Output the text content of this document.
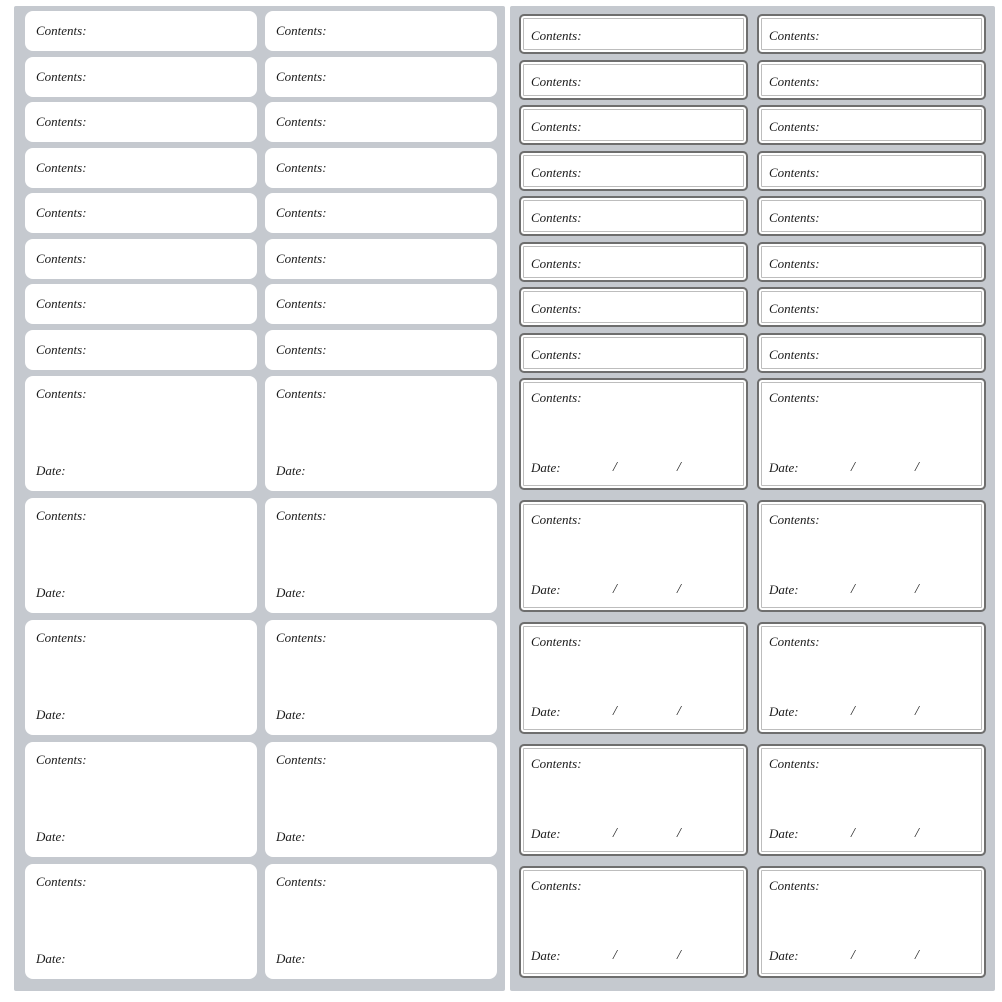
Contents:	Contents:
Contents:	Contents:
Contents:	Contents:
Contents:	Contents:
Contents:	Contents:
Contents:	Contents:
Contents:	Contents:
Contents:	Contents:
Contents:
Date:
Contents:
Date:
Contents:
Date:
Contents:
Date:
Contents:
Date:
Contents:
Date:
Contents:
Date:
Contents:
Date:
Contents:
Date:
Contents:
Date:
Contents:	Contents:
Contents:	Contents:
Contents:	Contents:
Contents:	Contents:
Contents:	Contents:
Contents:	Contents:
Contents:	Contents:
Contents:	Contents:
Contents:
Date:	/	/
Contents:
Date:	/	/
Contents:
Date:	/	/
Contents:
Date:	/	/
Contents:
Date:	/	/
Contents:
Date:	/	/
Contents:
Date:	/	/
Contents:
Date:	/	/
Contents:
Date:	/	/
Contents:
Date:	/	/
